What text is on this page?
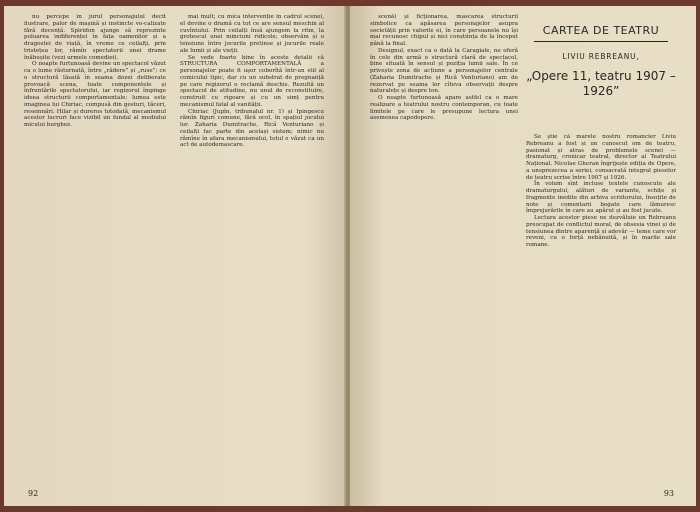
nu percepe în jurul personajului decît ilustrare, palor de mașină și instincte vo-calizate fără decență. Spiridon ajunge să reprezinte poluarea indiferenței în fața oamenilor și a dragostei de viață, în vreme ce ceilalți, prin tristețea lor, rămîn spectatorii unei drame înăbușite (vezi urmele comediei).

O noapte furtunoasă devine un spectacol văzut ca o lume răsturnată, între „râdere” și „ruse”; ce o structură lăsată în seama dozei deliberate provoacă scena, toate componentele și înfruntările spectatorului, iar regizorul împinge ideea structurii comportamentale: lumea este imaginea lui Chiriac, compusă din gesturi, tăceri, resemnări. Hilar și dureros totodată, mecanismul acestor lucruri face vizibil un fundal al mediului micului burghez.

mai mult; cu mica intervenție în cadrul scenei, el devine o dramă cu tot ce are sensul meschin al cuvîntului. Prin ceilalți însă ajungem la ritm, la grotescul unei minciuni ridicole; observăm și o tensiune între jocurile pretinse și jocurile reale ale lumii și ale vieții.

Se vede foarte bine în aceste detalii că STRUCTURA COMPORTAMENTALĂ a personajelor poate fi ușor coborîtă într-un stil al comicului tipic, dar cu un substrat de pregnanță pe care regizorul o reclamă deschis. Rezultă un spectacol de atitudine, nu unul de reconstituire, construit cu rigoare și cu un simț pentru mecanismul fatal al vanității.

Chiriac (Jupîn, tribunalul nr. 1) și Ipingescu rămîn figuri comune, fără ocol, în spațiul jocului lor. Zaharia Dumitrache, Rică Venturiano și ceilalți fac parte din același sistem; nimic nu rămîne în afara mecanismului, totul e văzut ca un act de autodemascare.

92

scenă) și ficționarea, mascarea structurii simbolice ca apăsarea personajelor asupra societății prin valorile ei, în care persoanele nu își mai recunosc chipul și nici conștiința de la început până la final.

Designul, exact ca o dată la Caragiale, ne oferă în cele din urmă o structură clară de spectacol, bine situată în sensul și poziția lumii sale. În ce privește zona de acțiune a personajelor centrale (Zaharia Dumitrache și Rică Venturiano) am de rezervat pe seama lor cîteva observații despre naturalețe și despre ton.

O noapte furtunoasă apare astfel ca o mare realizare a teatrului nostru contemporan, cu toate limitele pe care le presupune lectura unei asemenea capodopere.

CARTEA DE TEATRU
LIVIU REBREANU,
„Opere 11, teatru 1907 – 1926”

Se știe că marele nostru romancier Liviu Rebreanu a fost și un cunoscut om de teatru, pasionat și atras de problemele scenei — dramaturg, cronicar teatral, director al Teatrului Național. Nicolae Gheran îngrijește ediția de Opere, a unsprezecea a seriei, consacrată integral pieselor de teatru scrise între 1907 și 1926.

În volum sînt incluse textele cunoscute ale dramaturgului, alături de variante, schițe și fragmente inedite din arhiva scriitorului, însoțite de note și comentarii bogate care lămuresc împrejurările în care au apărut și au fost jucate.

Lectura acestor piese ne dezvăluie un Rebreanu preocupat de conflictul moral, de obsesia vinei și de tensiunea dintre aparență și adevăr — teme care vor reveni, cu o forță nebănuită, și în marile sale romane.

93
